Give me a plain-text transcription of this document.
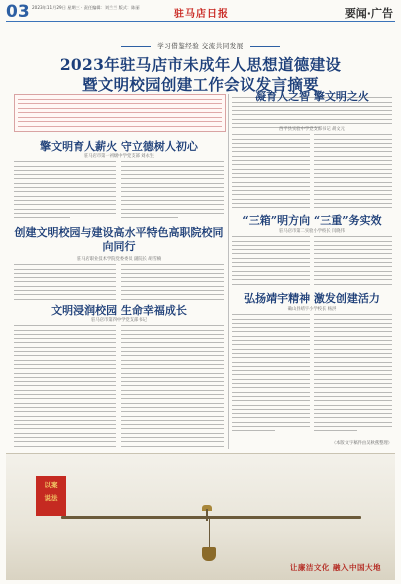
03 2023年11月29日 星期三 · 责任编辑：刘兰兰 版式：陈丽
驻马店日报	要闻·广告
学习借鉴经验 交流共同发展
2023年驻马店市未成年人思想道德建设
暨文明校园创建工作会议发言摘要
擎文明育人薪火 守立德树人初心
驻马店市第一初级中学党支部 刘永生
创建文明校园与建设高水平特色高职院校同向同行
驻马店职业技术学院党委委员 副院长 胡雪楠
文明浸润校园 生命幸福成长
驻马店市第四中学党支部书记
凝育人之智 擎文明之火
西平县实验中学党支部书记 胡文元
“三箱”明方向 “三重”务实效
驻马店市第二实验小学校长 闫晓伟
弘扬靖宇精神 激发创建活力
确山县靖宇小学校长 杨洪
（本版文字稿件由吴秋燕整理）
以案
说法
让廉洁文化 融入中国大地
